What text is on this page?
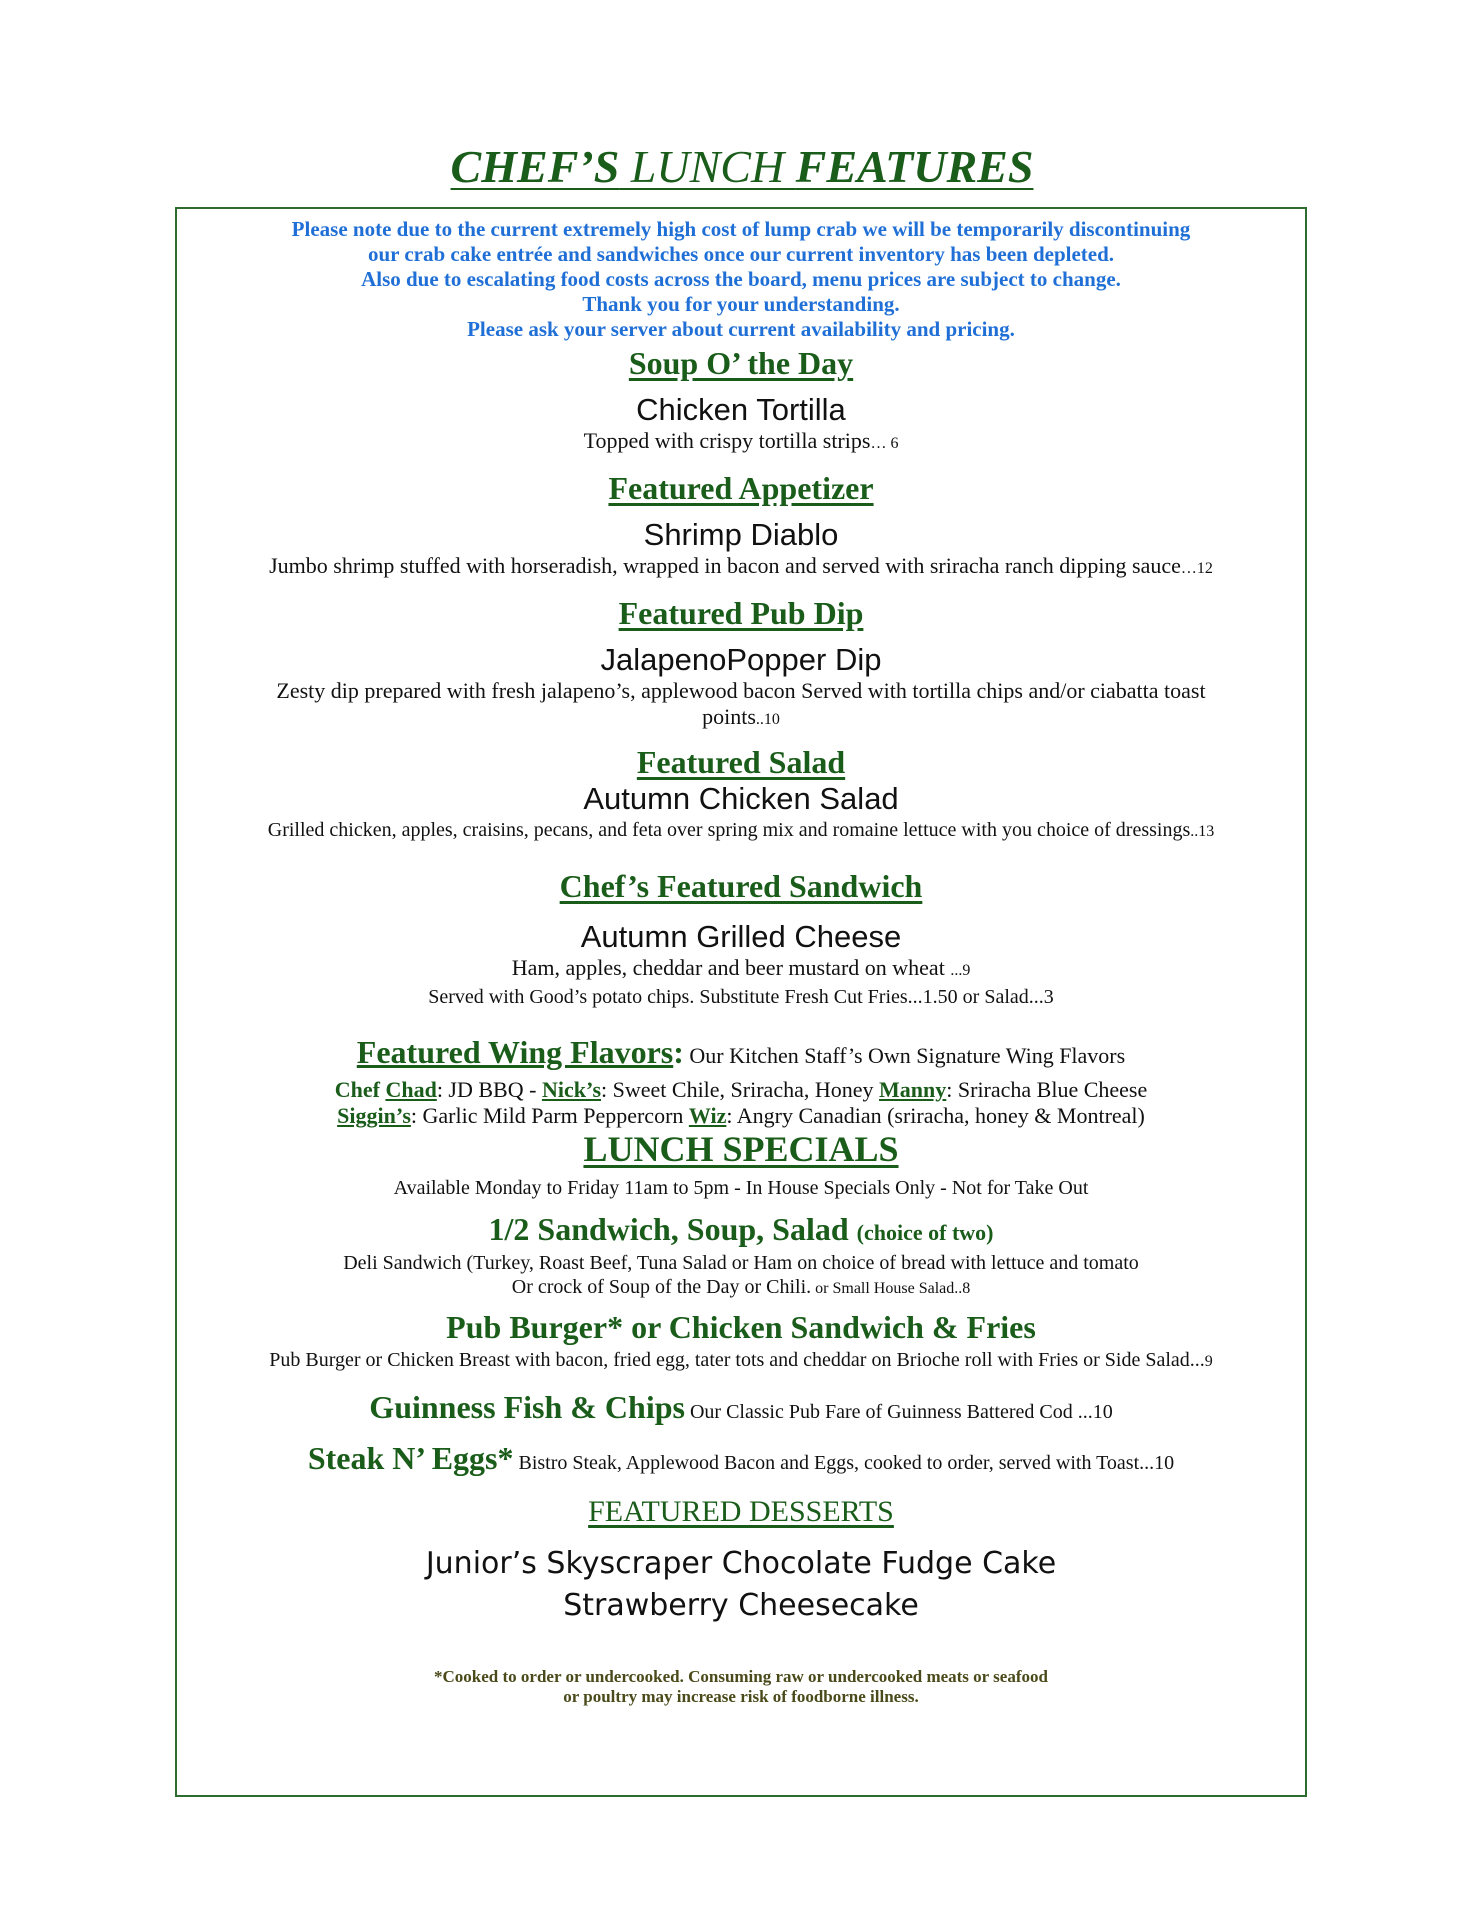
CHEF’S LUNCH FEATURES
Please note due to the current extremely high cost of lump crab we will be temporarily discontinuing
our crab cake entrée and sandwiches once our current inventory has been depleted.
Also due to escalating food costs across the board, menu prices are subject to change.
Thank you for your understanding.
Please ask your server about current availability and pricing.
Soup O’ the Day
Chicken Tortilla
Topped with crispy tortilla strips… 6
Featured Appetizer
Shrimp Diablo
Jumbo shrimp stuffed with horseradish, wrapped in bacon and served with sriracha ranch dipping sauce…12
Featured Pub Dip
JalapenoPopper Dip
Zesty dip prepared with fresh jalapeno’s, applewood bacon Served with tortilla chips and/or ciabatta toast
points..10
Featured Salad
Autumn Chicken Salad
Grilled chicken, apples, craisins, pecans, and feta over spring mix and romaine lettuce with you choice of dressings..13
Chef’s Featured Sandwich
Autumn Grilled Cheese
Ham, apples, cheddar and beer mustard on wheat ...9
Served with Good’s potato chips. Substitute Fresh Cut Fries...1.50 or Salad...3
Featured Wing Flavors: Our Kitchen Staff’s Own Signature Wing Flavors
Chef Chad: JD BBQ - Nick’s: Sweet Chile, Sriracha, Honey Manny: Sriracha Blue Cheese
Siggin’s: Garlic Mild Parm Peppercorn Wiz: Angry Canadian (sriracha, honey & Montreal)
LUNCH SPECIALS
Available Monday to Friday 11am to 5pm - In House Specials Only - Not for Take Out
1/2 Sandwich, Soup, Salad (choice of two)
Deli Sandwich (Turkey, Roast Beef, Tuna Salad or Ham on choice of bread with lettuce and tomato
Or crock of Soup of the Day or Chili. or Small House Salad..8
Pub Burger* or Chicken Sandwich & Fries
Pub Burger or Chicken Breast with bacon, fried egg, tater tots and cheddar on Brioche roll with Fries or Side Salad...9
Guinness Fish & Chips Our Classic Pub Fare of Guinness Battered Cod ...10
Steak N’ Eggs* Bistro Steak, Applewood Bacon and Eggs, cooked to order, served with Toast...10
FEATURED DESSERTS
Junior’s Skyscraper Chocolate Fudge Cake
Strawberry Cheesecake
*Cooked to order or undercooked. Consuming raw or undercooked meats or seafood
or poultry may increase risk of foodborne illness.
